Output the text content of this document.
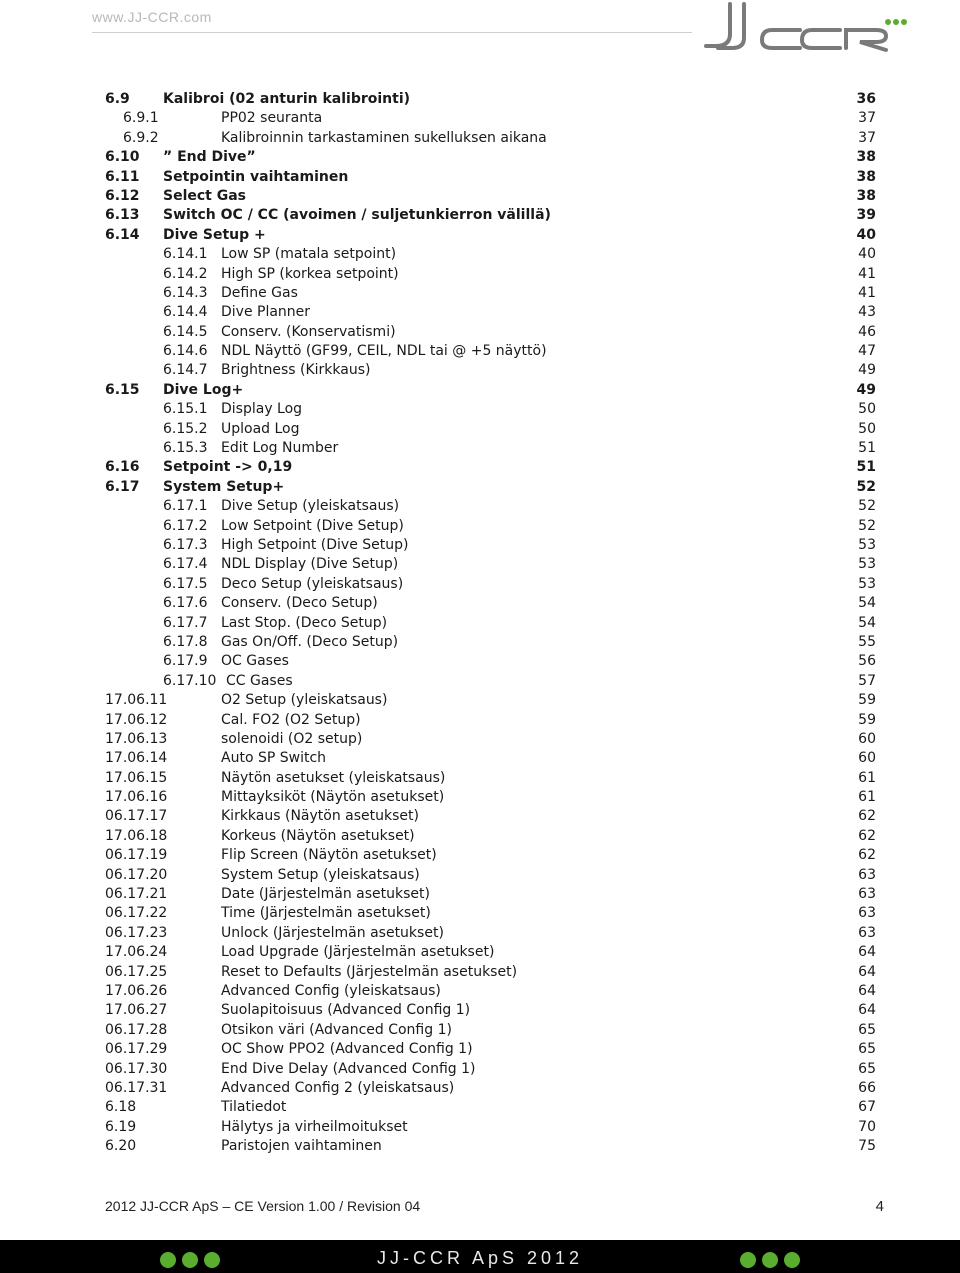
www.JJ-CCR.com
6.9 Kalibroi (02 anturin kalibrointi)	36
6.9.1	PP02 seuranta	37
6.9.2	Kalibroinnin tarkastaminen sukelluksen aikana	37
6.10 ” End Dive”	38
6.11 Setpointin vaihtaminen	38
6.12 Select Gas	38
6.13 Switch OC / CC (avoimen / suljetunkierron välillä)	39
6.14 Dive Setup +	40
6.14.1 Low SP (matala setpoint)	40
6.14.2 High SP (korkea setpoint)	41
6.14.3 Define Gas	41
6.14.4 Dive Planner	43
6.14.5 Conserv. (Konservatismi)	46
6.14.6 NDL Näyttö (GF99, CEIL, NDL tai @ +5 näyttö)	47
6.14.7 Brightness (Kirkkaus)	49
6.15 Dive Log+	49
6.15.1 Display Log	50
6.15.2 Upload Log	50
6.15.3 Edit Log Number	51
6.16 Setpoint -> 0,19	51
6.17 System Setup+	52
6.17.1 Dive Setup (yleiskatsaus)	52
6.17.2 Low Setpoint (Dive Setup)	52
6.17.3 High Setpoint (Dive Setup)	53
6.17.4 NDL Display (Dive Setup)	53
6.17.5 Deco Setup (yleiskatsaus)	53
6.17.6 Conserv. (Deco Setup)	54
6.17.7 Last Stop. (Deco Setup)	54
6.17.8 Gas On/Off. (Deco Setup)	55
6.17.9 OC Gases	56
6.17.10 CC Gases	57
17.06.11	O2 Setup (yleiskatsaus)	59
17.06.12	Cal. FO2 (O2 Setup)	59
17.06.13	solenoidi (O2 setup)	60
17.06.14	Auto SP Switch	60
17.06.15	Näytön asetukset (yleiskatsaus)	61
17.06.16	Mittayksiköt (Näytön asetukset)	61
06.17.17	Kirkkaus (Näytön asetukset)	62
17.06.18	Korkeus (Näytön asetukset)	62
06.17.19	Flip Screen (Näytön asetukset)	62
06.17.20	System Setup (yleiskatsaus)	63
06.17.21	Date (Järjestelmän asetukset)	63
06.17.22	Time (Järjestelmän asetukset)	63
06.17.23	Unlock (Järjestelmän asetukset)	63
17.06.24	Load Upgrade (Järjestelmän asetukset)	64
06.17.25	Reset to Defaults (Järjestelmän asetukset)	64
17.06.26	Advanced Config (yleiskatsaus)	64
17.06.27	Suolapitoisuus (Advanced Config 1)	64
06.17.28	Otsikon väri (Advanced Config 1)	65
06.17.29	OC Show PPO2 (Advanced Config 1)	65
06.17.30	End Dive Delay (Advanced Config 1)	65
06.17.31	Advanced Config 2 (yleiskatsaus)	66
6.18	Tilatiedot	67
6.19	Hälytys ja virheilmoitukset	70
6.20	Paristojen vaihtaminen	75
2012 JJ-CCR ApS – CE Version 1.00 / Revision 04	4
JJ-CCR ApS 2012
